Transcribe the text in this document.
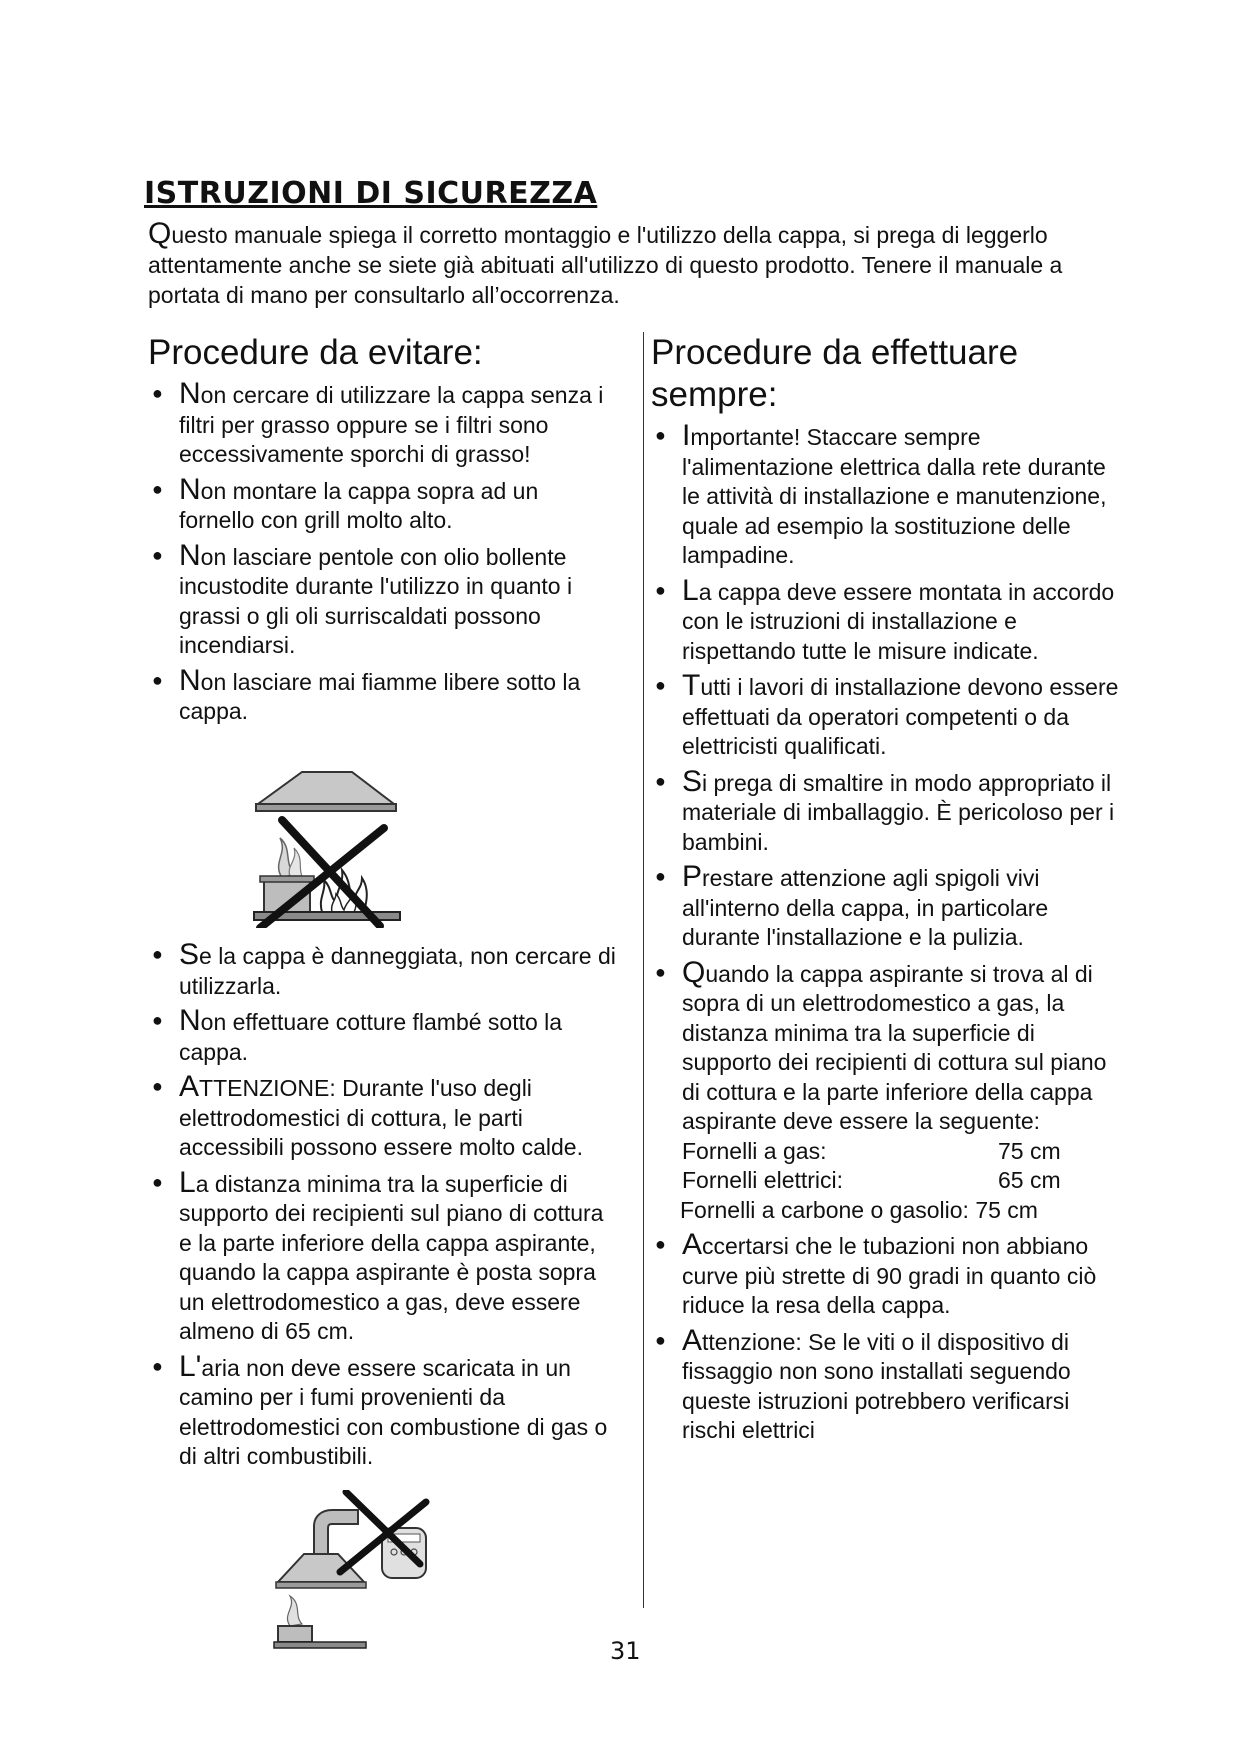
ISTRUZIONI DI SICUREZZA

Questo manuale spiega il corretto montaggio e l'utilizzo della cappa, si prega di leggerlo attentamente anche se siete già abituati all'utilizzo di questo prodotto. Tenere il manuale a portata di mano per consultarlo all’occorrenza.

Procedure da evitare:
● Non cercare di utilizzare la cappa senza i filtri per grasso oppure se i filtri sono eccessivamente sporchi di grasso!
● Non montare la cappa sopra ad un fornello con grill molto alto.
● Non lasciare pentole con olio bollente incustodite durante l'utilizzo in quanto i grassi o gli oli surriscaldati possono incendiarsi.
● Non lasciare mai fiamme libere sotto la cappa.
● Se la cappa è danneggiata, non cercare di utilizzarla.
● Non effettuare cotture flambé sotto la cappa.
● ATTENZIONE: Durante l'uso degli elettrodomestici di cottura, le parti accessibili possono essere molto calde.
● La distanza minima tra la superficie di supporto dei recipienti sul piano di cottura e la parte inferiore della cappa aspirante, quando la cappa aspirante è posta sopra un elettrodomestico a gas, deve essere almeno di 65 cm.
● L'aria non deve essere scaricata in un camino per i fumi provenienti da elettrodomestici con combustione di gas o di altri combustibili.
Procedure da effettuare sempre:
● Importante! Staccare sempre l'alimentazione elettrica dalla rete durante le attività di installazione e manutenzione, quale ad esempio la sostituzione delle lampadine.
● La cappa deve essere montata in accordo con le istruzioni di installazione e rispettando tutte le misure indicate.
● Tutti i lavori di installazione devono essere effettuati da operatori competenti o da elettricisti qualificati.
● Si prega di smaltire in modo appropriato il materiale di imballaggio. È pericoloso per i bambini.
● Prestare attenzione agli spigoli vivi all'interno della cappa, in particolare durante l'installazione e la pulizia.
● Quando la cappa aspirante si trova al di sopra di un elettrodomestico a gas, la distanza minima tra la superficie di supporto dei recipienti di cottura sul piano di cottura e la parte inferiore della cappa aspirante deve essere la seguente:
Fornelli a gas:	75 cm
Fornelli elettrici:	65 cm
Fornelli a carbone o gasolio: 75 cm
● Accertarsi che le tubazioni non abbiano curve più strette di 90 gradi in quanto ciò riduce la resa della cappa.
● Attenzione: Se le viti o il dispositivo di fissaggio non sono installati seguendo queste istruzioni potrebbero verificarsi rischi elettrici

31
